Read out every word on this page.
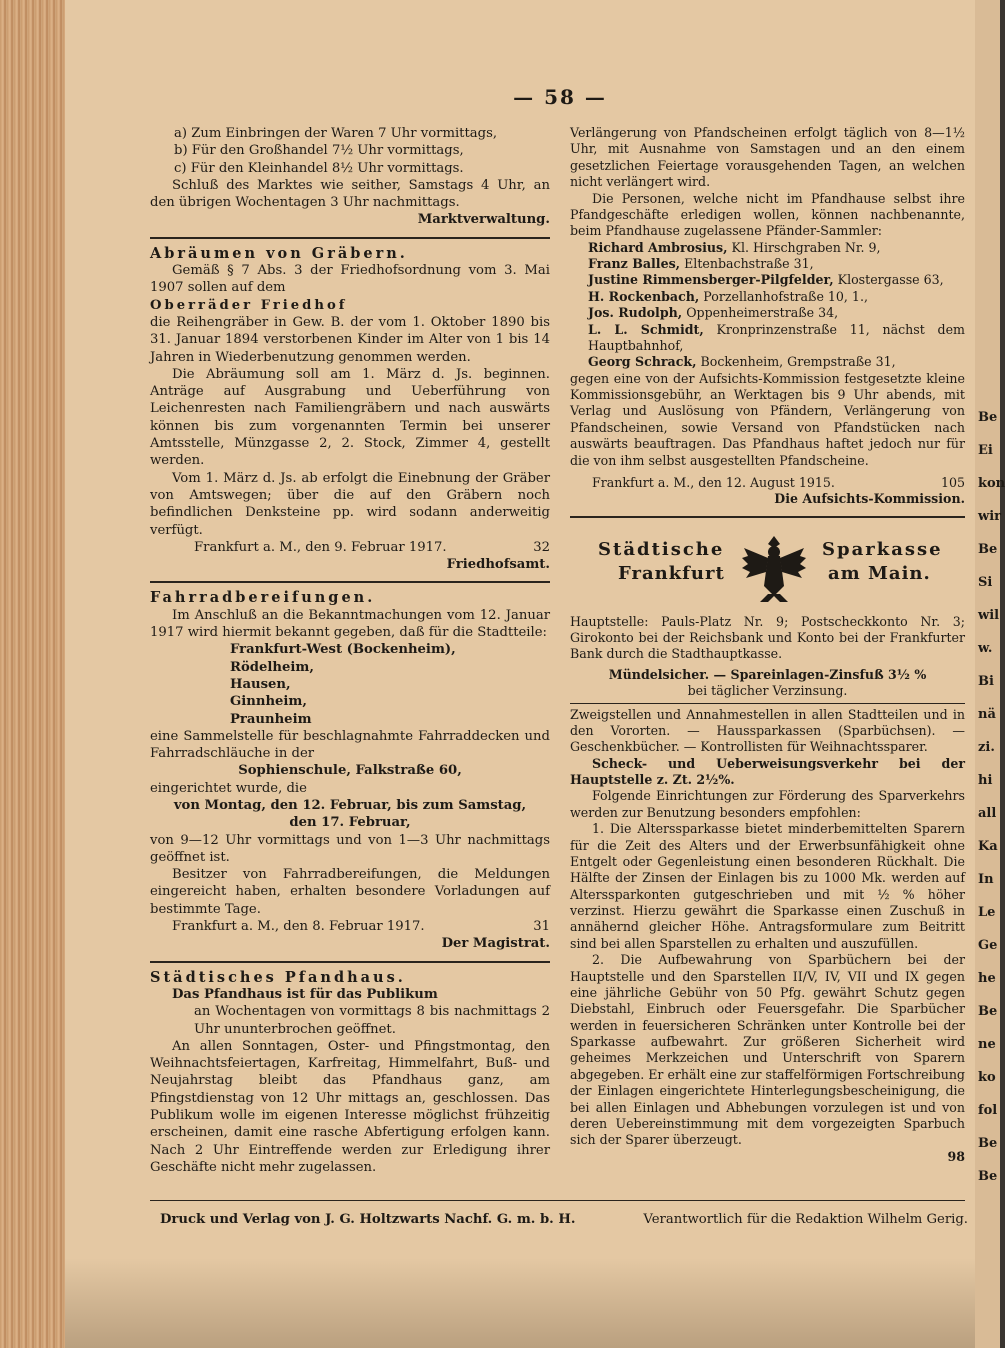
Be
Ei
kon
wir
Be
Si
wil
w.
Bi
nä
zi.
hi
all
Ka
In
Le
Ge
he
Be
ne
ko
fol
Be
Be
— 58 —

a) Zum Einbringen der Waren 7 Uhr vormittags,

b) Für den Großhandel 7½ Uhr vormittags,

c) Für den Kleinhandel 8½ Uhr vormittags.

Schluß des Marktes wie seither, Samstags 4 Uhr, an den übrigen Wochentagen 3 Uhr nachmittags.

Marktverwaltung.

Abräumen von Gräbern.

Gemäß § 7 Abs. 3 der Friedhofsordnung vom 3. Mai 1907 sollen auf dem

Oberräder Friedhof

die Reihengräber in Gew. B. der vom 1. Oktober 1890 bis 31. Januar 1894 verstorbenen Kinder im Alter von 1 bis 14 Jahren in Wiederbenutzung genommen werden.

Die Abräumung soll am 1. März d. Js. beginnen. Anträge auf Ausgrabung und Ueberführung von Leichenresten nach Familiengräbern und nach auswärts können bis zum vorgenannten Termin bei unserer Amtsstelle, Münzgasse 2, 2. Stock, Zimmer 4, gestellt werden.

Vom 1. März d. Js. ab erfolgt die Einebnung der Gräber von Amtswegen; über die auf den Gräbern noch befindlichen Denksteine pp. wird sodann anderweitig verfügt.

Frankfurt a. M., den 9. Februar 1917.	32

Friedhofsamt.

Fahrradbereifungen.

Im Anschluß an die Bekanntmachungen vom 12. Januar 1917 wird hiermit bekannt gegeben, daß für die Stadtteile:

Frankfurt-West (Bockenheim),

Rödelheim,

Hausen,

Ginnheim,

Praunheim

eine Sammelstelle für beschlagnahmte Fahrraddecken und Fahrradschläuche in der

Sophienschule, Falkstraße 60,

eingerichtet wurde, die

von Montag, den 12. Februar, bis zum Samstag,

den 17. Februar,

von 9—12 Uhr vormittags und von 1—3 Uhr nachmittags geöffnet ist.

Besitzer von Fahrradbereifungen, die Meldungen eingereicht haben, erhalten besondere Vorladungen auf bestimmte Tage.

Frankfurt a. M., den 8. Februar 1917.	31

Der Magistrat.

Städtisches Pfandhaus.

Das Pfandhaus ist für das Publikum

an Wochentagen von vormittags 8 bis nachmittags 2 Uhr ununterbrochen geöffnet.

An allen Sonntagen, Oster- und Pfingstmontag, den Weihnachtsfeiertagen, Karfreitag, Himmelfahrt, Buß- und Neujahrstag bleibt das Pfandhaus ganz, am Pfingstdienstag von 12 Uhr mittags an, geschlossen. Das Publikum wolle im eigenen Interesse möglichst frühzeitig erscheinen, damit eine rasche Abfertigung erfolgen kann. Nach 2 Uhr Eintreffende werden zur Erledigung ihrer Geschäfte nicht mehr zugelassen.

Verlängerung von Pfandscheinen erfolgt täglich von 8—1½ Uhr, mit Ausnahme von Samstagen und an den einem gesetzlichen Feiertage vorausgehenden Tagen, an welchen nicht verlängert wird.

Die Personen, welche nicht im Pfandhause selbst ihre Pfandgeschäfte erledigen wollen, können nachbenannte, beim Pfandhause zugelassene Pfänder-Sammler:

Richard Ambrosius, Kl. Hirschgraben Nr. 9,

Franz Balles, Eltenbachstraße 31,

Justine Rimmensberger-Pilgfelder, Klostergasse 63,

H. Rockenbach, Porzellanhofstraße 10, 1.,

Jos. Rudolph, Oppenheimerstraße 34,

L. L. Schmidt, Kronprinzenstraße 11, nächst dem Hauptbahnhof,

Georg Schrack, Bockenheim, Grempstraße 31,

gegen eine von der Aufsichts-Kommission festgesetzte kleine Kommissionsgebühr, an Werktagen bis 9 Uhr abends, mit Verlag und Auslösung von Pfändern, Verlängerung von Pfandscheinen, sowie Versand von Pfandstücken nach auswärts beauftragen. Das Pfandhaus haftet jedoch nur für die von ihm selbst ausgestellten Pfandscheine.

Frankfurt a. M., den 12. August 1915.	105

Die Aufsichts-Kommission.

Städtische
Frankfurt
Sparkasse
am Main.

Hauptstelle: Pauls-Platz Nr. 9; Postscheckkonto Nr. 3; Girokonto bei der Reichsbank und Konto bei der Frankfurter Bank durch die Stadthauptkasse.

Mündelsicher. — Spareinlagen-Zinsfuß 3½ %

bei täglicher Verzinsung.

Zweigstellen und Annahmestellen in allen Stadtteilen und in den Vororten. — Haussparkassen (Sparbüchsen). — Geschenkbücher. — Kontrollisten für Weihnachtssparer.

Scheck- und Ueberweisungsverkehr bei der Hauptstelle z. Zt. 2½%.

Folgende Einrichtungen zur Förderung des Sparverkehrs werden zur Benutzung besonders empfohlen:

1. Die Alterssparkasse bietet minderbemittelten Sparern für die Zeit des Alters und der Erwerbsunfähigkeit ohne Entgelt oder Gegenleistung einen besonderen Rückhalt. Die Hälfte der Zinsen der Einlagen bis zu 1000 Mk. werden auf Alterssparkonten gutgeschrieben und mit ½ % höher verzinst. Hierzu gewährt die Sparkasse einen Zuschuß in annähernd gleicher Höhe. Antragsformulare zum Beitritt sind bei allen Sparstellen zu erhalten und auszufüllen.

2. Die Aufbewahrung von Sparbüchern bei der Hauptstelle und den Sparstellen II/V, IV, VII und IX gegen eine jährliche Gebühr von 50 Pfg. gewährt Schutz gegen Diebstahl, Einbruch oder Feuersgefahr. Die Sparbücher werden in feuersicheren Schränken unter Kontrolle bei der Sparkasse aufbewahrt. Zur größeren Sicherheit wird geheimes Merkzeichen und Unterschrift von Sparern abgegeben. Er erhält eine zur staffelförmigen Fortschreibung der Einlagen eingerichtete Hinterlegungsbescheinigung, die bei allen Einlagen und Abhebungen vorzulegen ist und von deren Uebereinstimmung mit dem vorgezeigten Sparbuch sich der Sparer überzeugt.

98

Druck und Verlag von J. G. Holtzwarts Nachf. G. m. b. H.	Verantwortlich für die Redaktion Wilhelm Gerig.
